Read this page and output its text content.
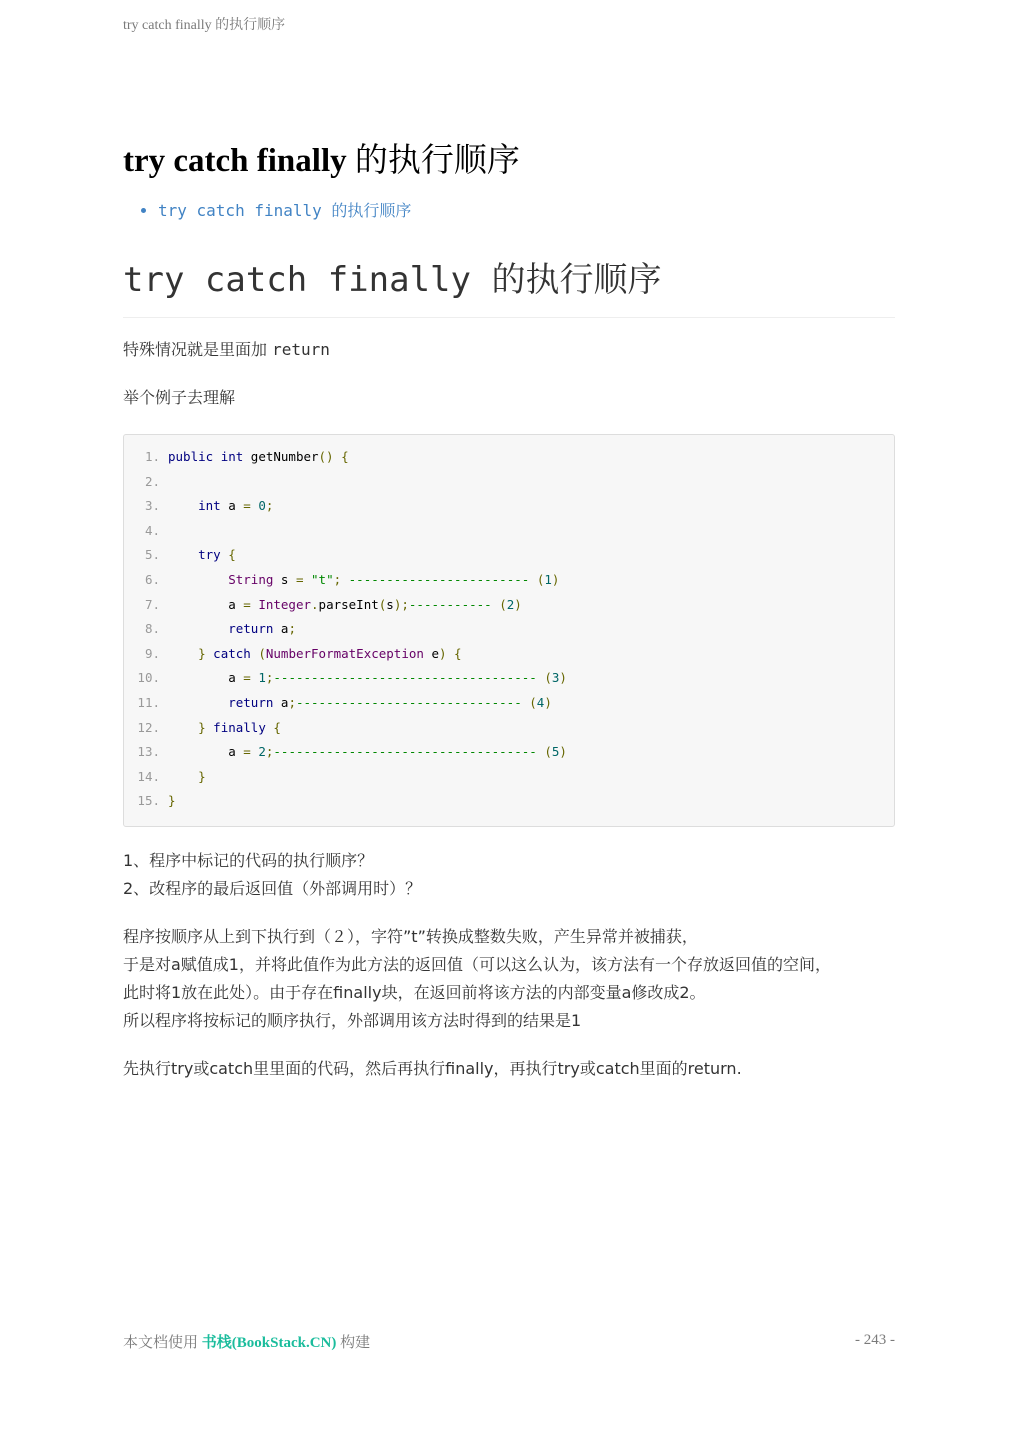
try catch finally 的执行顺序
try catch finally 的执行顺序
• try catch finally 的执行顺序
try catch finally 的执行顺序

特殊情况就是里面加 return

举个例子去理解

1. public int getNumber() {
2.
3.	int a = 0;
4.
5.	try {
6.	String s = "t"; ------------------------ (1)
7. a = Integer.parseInt(s);----------- (2)
8.	return a;
9.	} catch (NumberFormatException e) {
10. a = 1;----------------------------------- (3)
11.	return a;------------------------------ (4)
12.	} finally {
13. a = 2;----------------------------------- (5)
14.	}
15. }

1、程序中标记的代码的执行顺序？

2、改程序的最后返回值（外部调用时）？

程序按顺序从上到下执行到（２），字符”t”转换成整数失败，产生异常并被捕获，

于是对a赋值成1，并将此值作为此方法的返回值（可以这么认为，该方法有一个存放返回值的空间，

此时将1放在此处）。由于存在finally块，在返回前将该方法的内部变量a修改成2。

所以程序将按标记的顺序执行，外部调用该方法时得到的结果是1

先执行try或catch里里面的代码，然后再执行finally，再执行try或catch里面的return.

本文档使用 书栈(BookStack.CN) 构建	- 243 -
